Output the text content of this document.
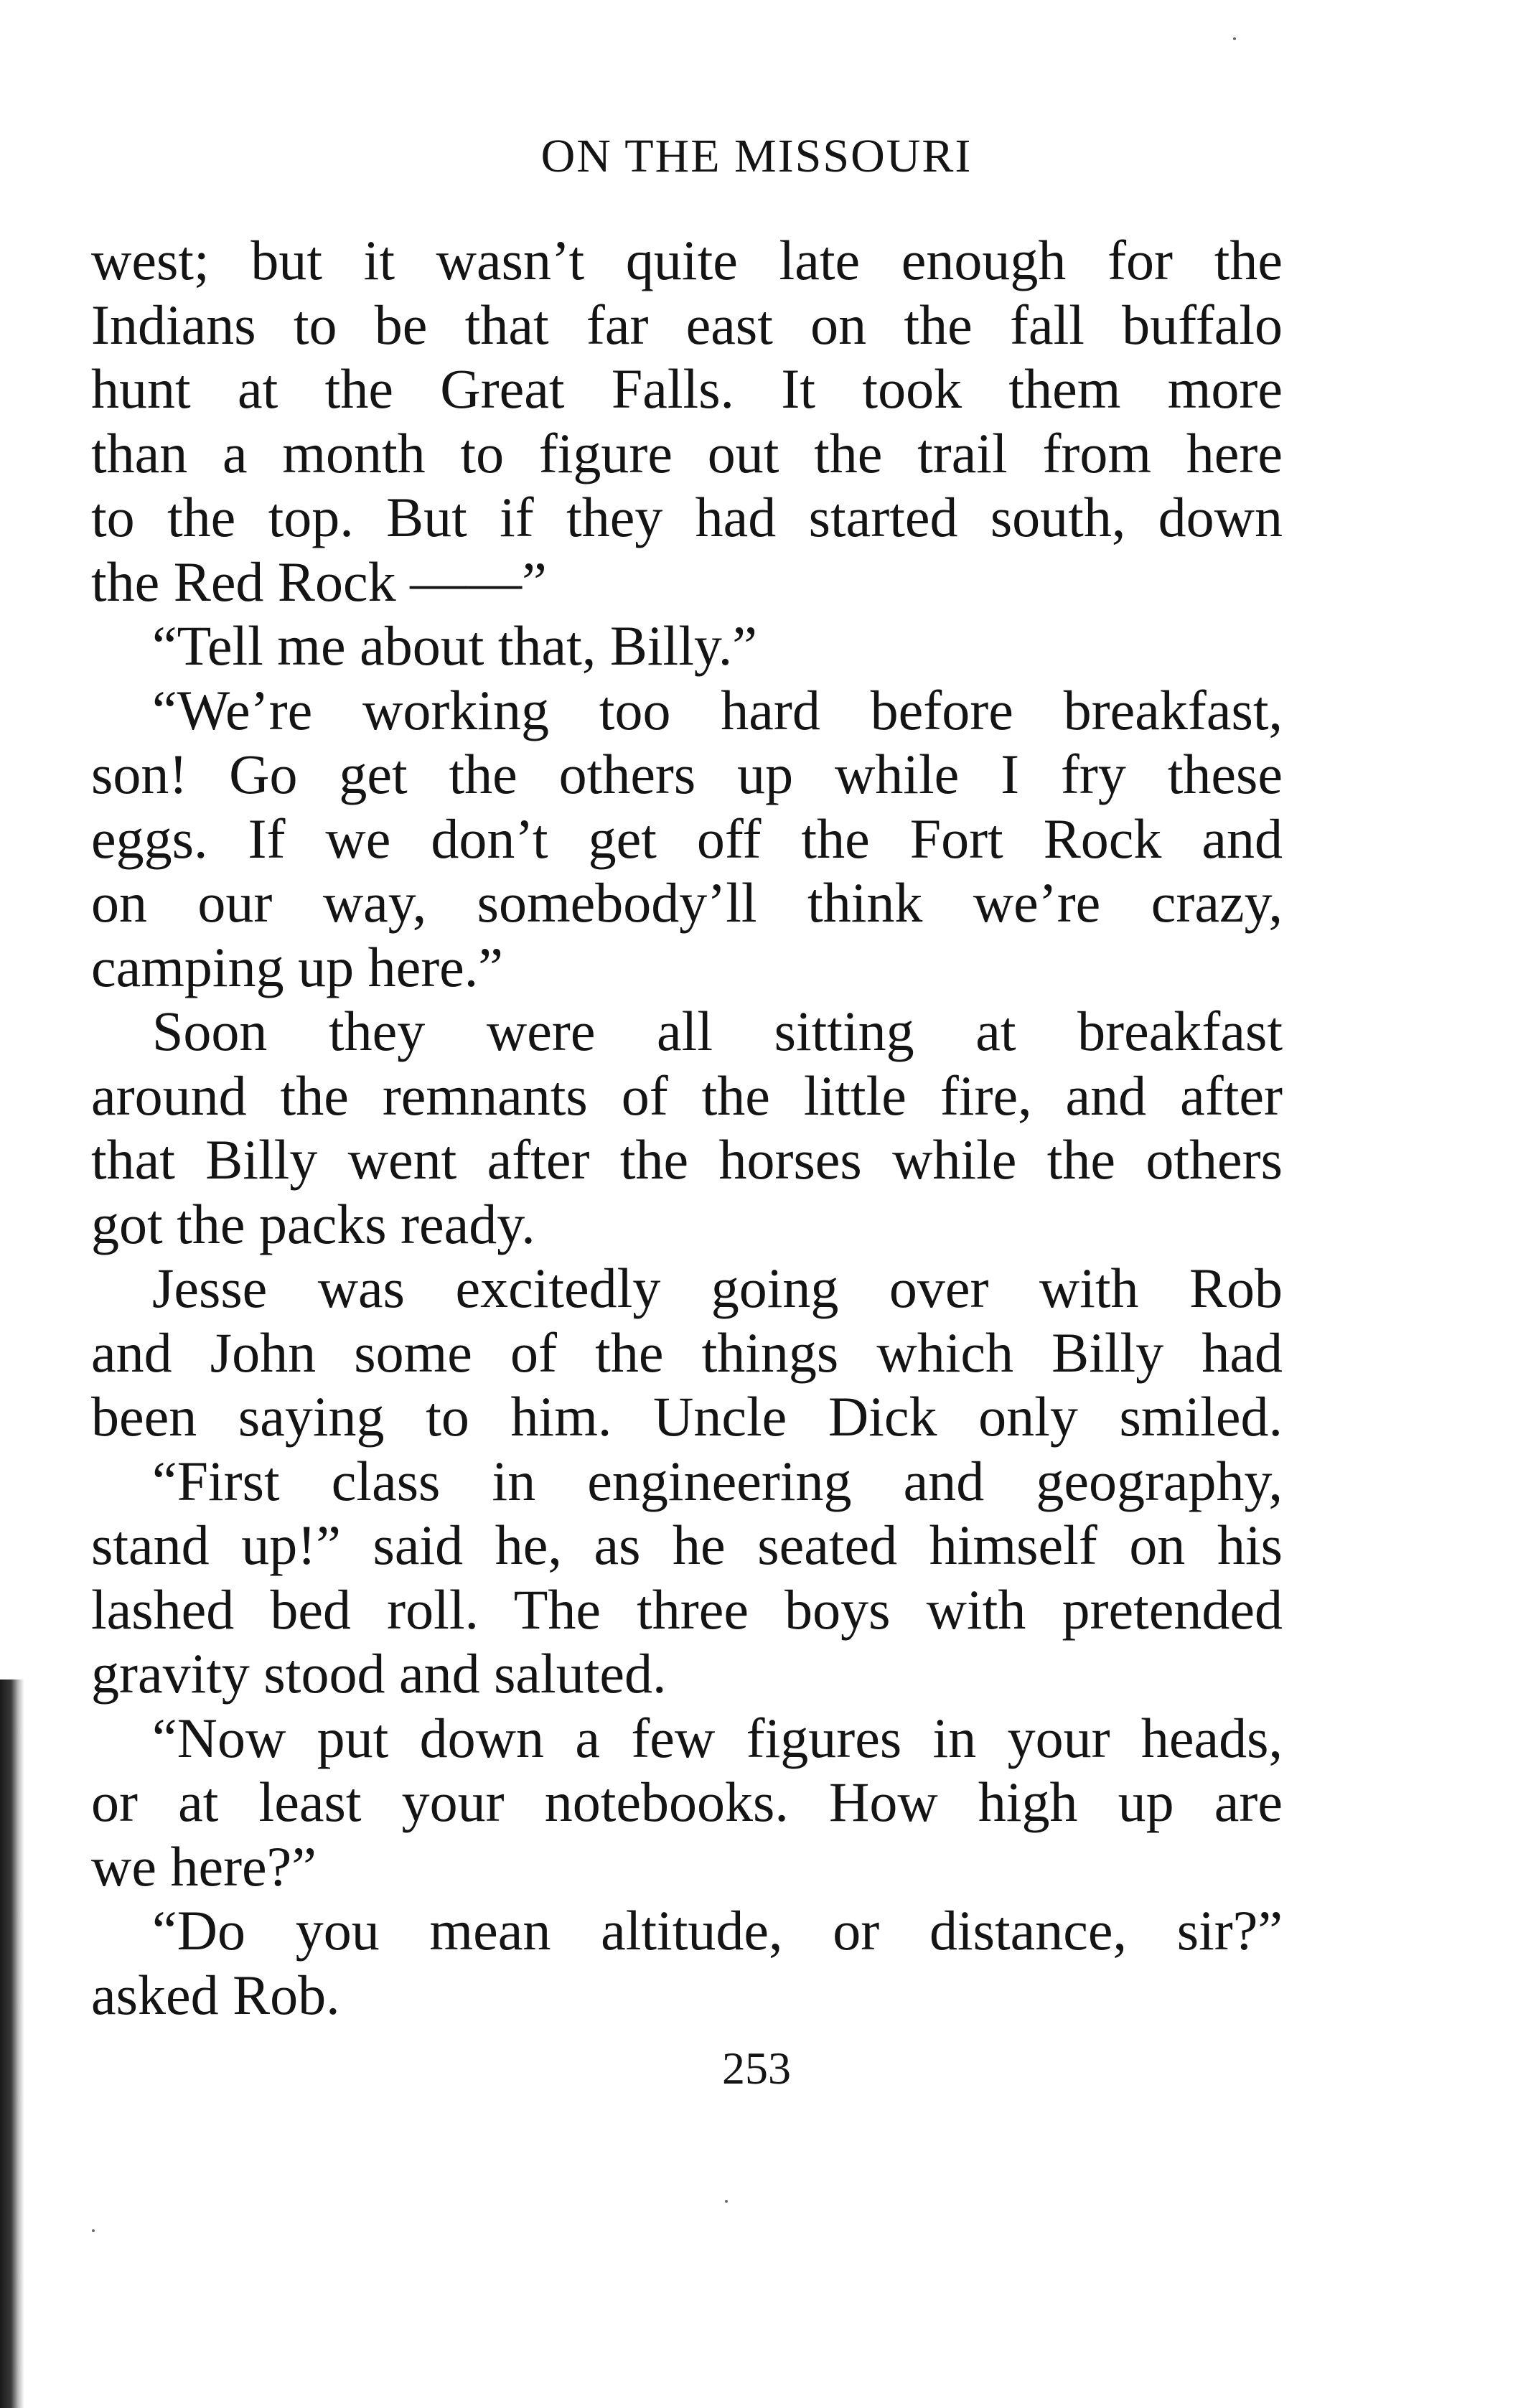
ON THE MISSOURI
west; but it wasn’t quite late enough for the
Indians to be that far east on the fall buffalo
hunt at the Great Falls. It took them more
than a month to figure out the trail from here
to the top. But if they had started south, down
the Red Rock ——”
“Tell me about that, Billy.”
“We’re working too hard before breakfast,
son! Go get the others up while I fry these
eggs. If we don’t get off the Fort Rock and
on our way, somebody’ll think we’re crazy,
camping up here.”
Soon they were all sitting at breakfast
around the remnants of the little fire, and after
that Billy went after the horses while the others
got the packs ready.
Jesse was excitedly going over with Rob
and John some of the things which Billy had
been saying to him. Uncle Dick only smiled.
“First class in engineering and geography,
stand up!” said he, as he seated himself on his
lashed bed roll. The three boys with pretended
gravity stood and saluted.
“Now put down a few figures in your heads,
or at least your notebooks. How high up are
we here?”
“Do you mean altitude, or distance, sir?”
asked Rob.
253
